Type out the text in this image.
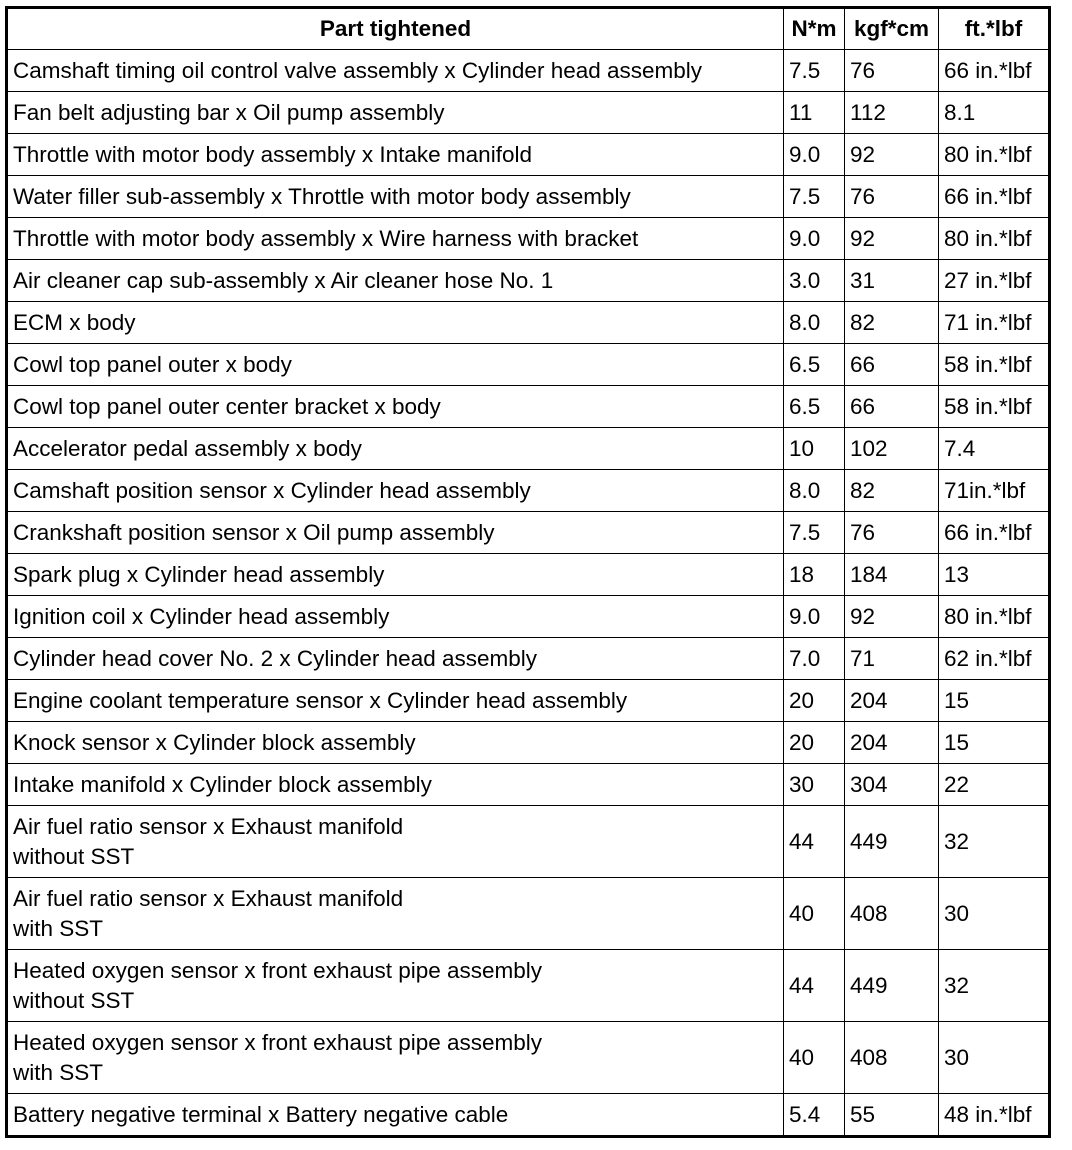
Part tightened	N*m	kgf*cm	ft.*lbf

Camshaft timing oil control valve assembly x Cylinder head assembly	7.5	76	66 in.*lbf

Fan belt adjusting bar x Oil pump assembly	11	112	8.1

Throttle with motor body assembly x Intake manifold	9.0	92	80 in.*lbf

Water filler sub-assembly x Throttle with motor body assembly	7.5	76	66 in.*lbf

Throttle with motor body assembly x Wire harness with bracket	9.0	92	80 in.*lbf

Air cleaner cap sub-assembly x Air cleaner hose No. 1	3.0	31	27 in.*lbf

ECM x body	8.0	82	71 in.*lbf

Cowl top panel outer x body	6.5	66	58 in.*lbf

Cowl top panel outer center bracket x body	6.5	66	58 in.*lbf

Accelerator pedal assembly x body	10	102	7.4

Camshaft position sensor x Cylinder head assembly	8.0	82	71in.*lbf

Crankshaft position sensor x Oil pump assembly	7.5	76	66 in.*lbf

Spark plug x Cylinder head assembly	18	184	13

Ignition coil x Cylinder head assembly	9.0	92	80 in.*lbf

Cylinder head cover No. 2 x Cylinder head assembly	7.0	71	62 in.*lbf

Engine coolant temperature sensor x Cylinder head assembly	20	204	15

Knock sensor x Cylinder block assembly	20	204	15

Intake manifold x Cylinder block assembly	30	304	22

Air fuel ratio sensor x Exhaust manifold
without SST	44	449	32

Air fuel ratio sensor x Exhaust manifold
with SST	40	408	30

Heated oxygen sensor x front exhaust pipe assembly
without SST	44	449	32

Heated oxygen sensor x front exhaust pipe assembly
with SST	40	408	30

Battery negative terminal x Battery negative cable	5.4	55	48 in.*lbf
